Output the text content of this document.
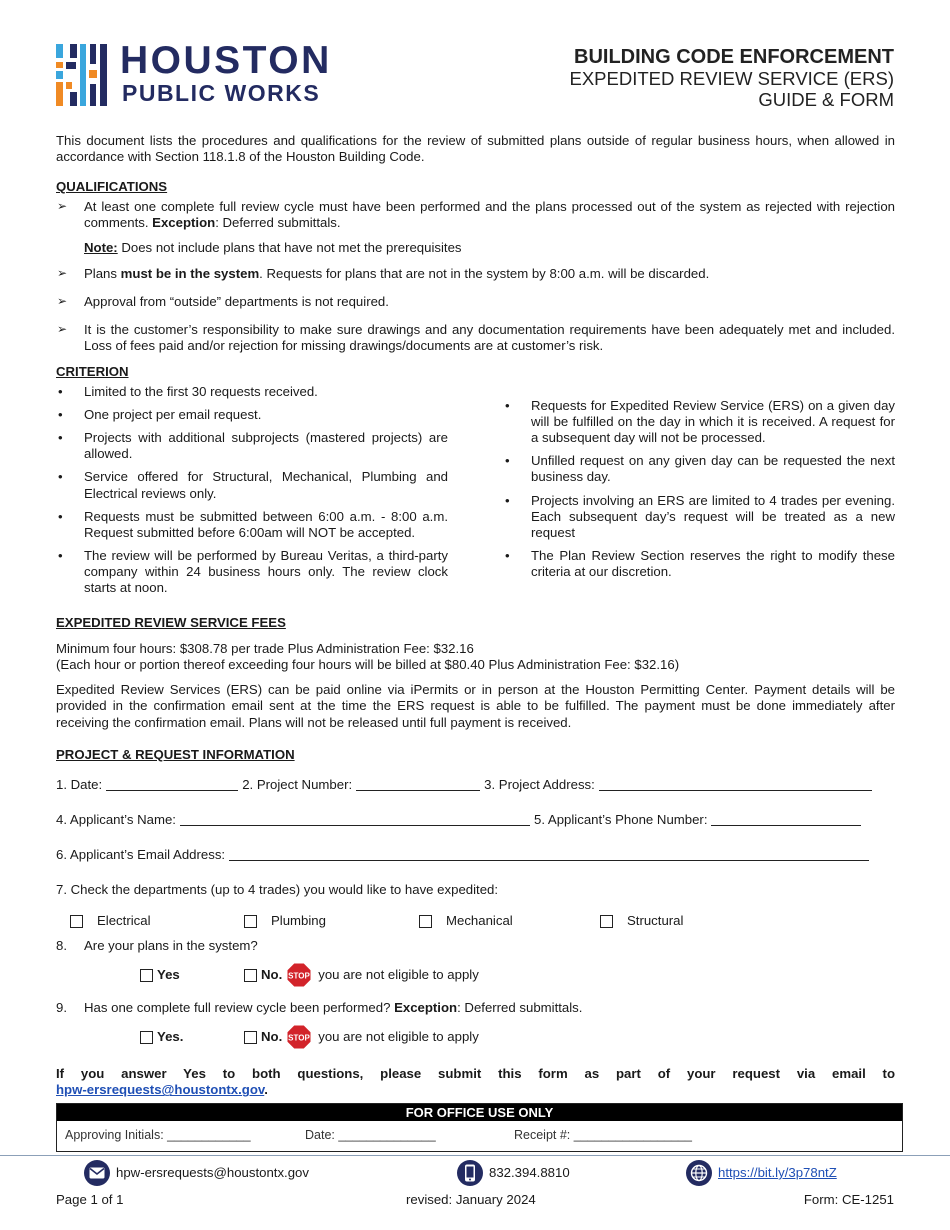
HOUSTON
PUBLIC WORKS
BUILDING CODE ENFORCEMENT
EXPEDITED REVIEW SERVICE (ERS)
GUIDE & FORM

This document lists the procedures and qualifications for the review of submitted plans outside of regular business hours, when allowed in accordance with Section 118.1.8 of the Houston Building Code.

QUALIFICATIONS
➢ At least one complete full review cycle must have been performed and the plans processed out of the system as rejected with rejection comments. Exception: Deferred submittals.
Note: Does not include plans that have not met the prerequisites
➢ Plans must be in the system. Requests for plans that are not in the system by 8:00 a.m. will be discarded.
➢ Approval from “outside” departments is not required.
➢ It is the customer’s responsibility to make sure drawings and any documentation requirements have been adequately met and included. Loss of fees paid and/or rejection for missing drawings/documents are at customer’s risk.
CRITERION
• Limited to the first 30 requests received.
• One project per email request.
• Projects with additional subprojects (mastered projects) are allowed.
• Service offered for Structural, Mechanical, Plumbing and Electrical reviews only.
• Requests must be submitted between 6:00 a.m. - 8:00 a.m. Request submitted before 6:00am will NOT be accepted.
• The review will be performed by Bureau Veritas, a third-party company within 24 business hours only. The review clock starts at noon.
• Requests for Expedited Review Service (ERS) on a given day will be fulfilled on the day in which it is received. A request for a subsequent day will not be processed.
• Unfilled request on any given day can be requested the next business day.
• Projects involving an ERS are limited to 4 trades per evening. Each subsequent day’s request will be treated as a new request
• The Plan Review Section reserves the right to modify these criteria at our discretion.
EXPEDITED REVIEW SERVICE FEES

Minimum four hours: $308.78 per trade Plus Administration Fee: $32.16

(Each hour or portion thereof exceeding four hours will be billed at $80.40 Plus Administration Fee: $32.16)

Expedited Review Services (ERS) can be paid online via iPermits or in person at the Houston Permitting Center. Payment details will be provided in the confirmation email sent at the time the ERS request is able to be fulfilled. The payment must be done immediately after receiving the confirmation email. Plans will not be released until full payment is received.

PROJECT & REQUEST INFORMATION
1. Date:	2. Project Number:	3. Project Address:
4. Applicant’s Name:	5. Applicant’s Phone Number:
6. Applicant’s Email Address:
7. Check the departments (up to 4 trades) you would like to have expedited:
Electrical	Plumbing	Mechanical	Structural
8.	Are your plans in the system?
Yes	No. STOP you are not eligible to apply
9.	Has one complete full review cycle been performed? Exception: Deferred submittals.
Yes.	No. STOP you are not eligible to apply

If you answer Yes to both questions, please submit this form as part of your request via email to

hpw-ersrequests@houstontx.gov.

FOR OFFICE USE ONLY
Approving Initials: ____________	Date: ______________	Receipt #: _________________
hpw-ersrequests@houstontx.gov	832.394.8810	https://bit.ly/3p78ntZ
Page 1 of 1	revised: January 2024	Form: CE-1251
